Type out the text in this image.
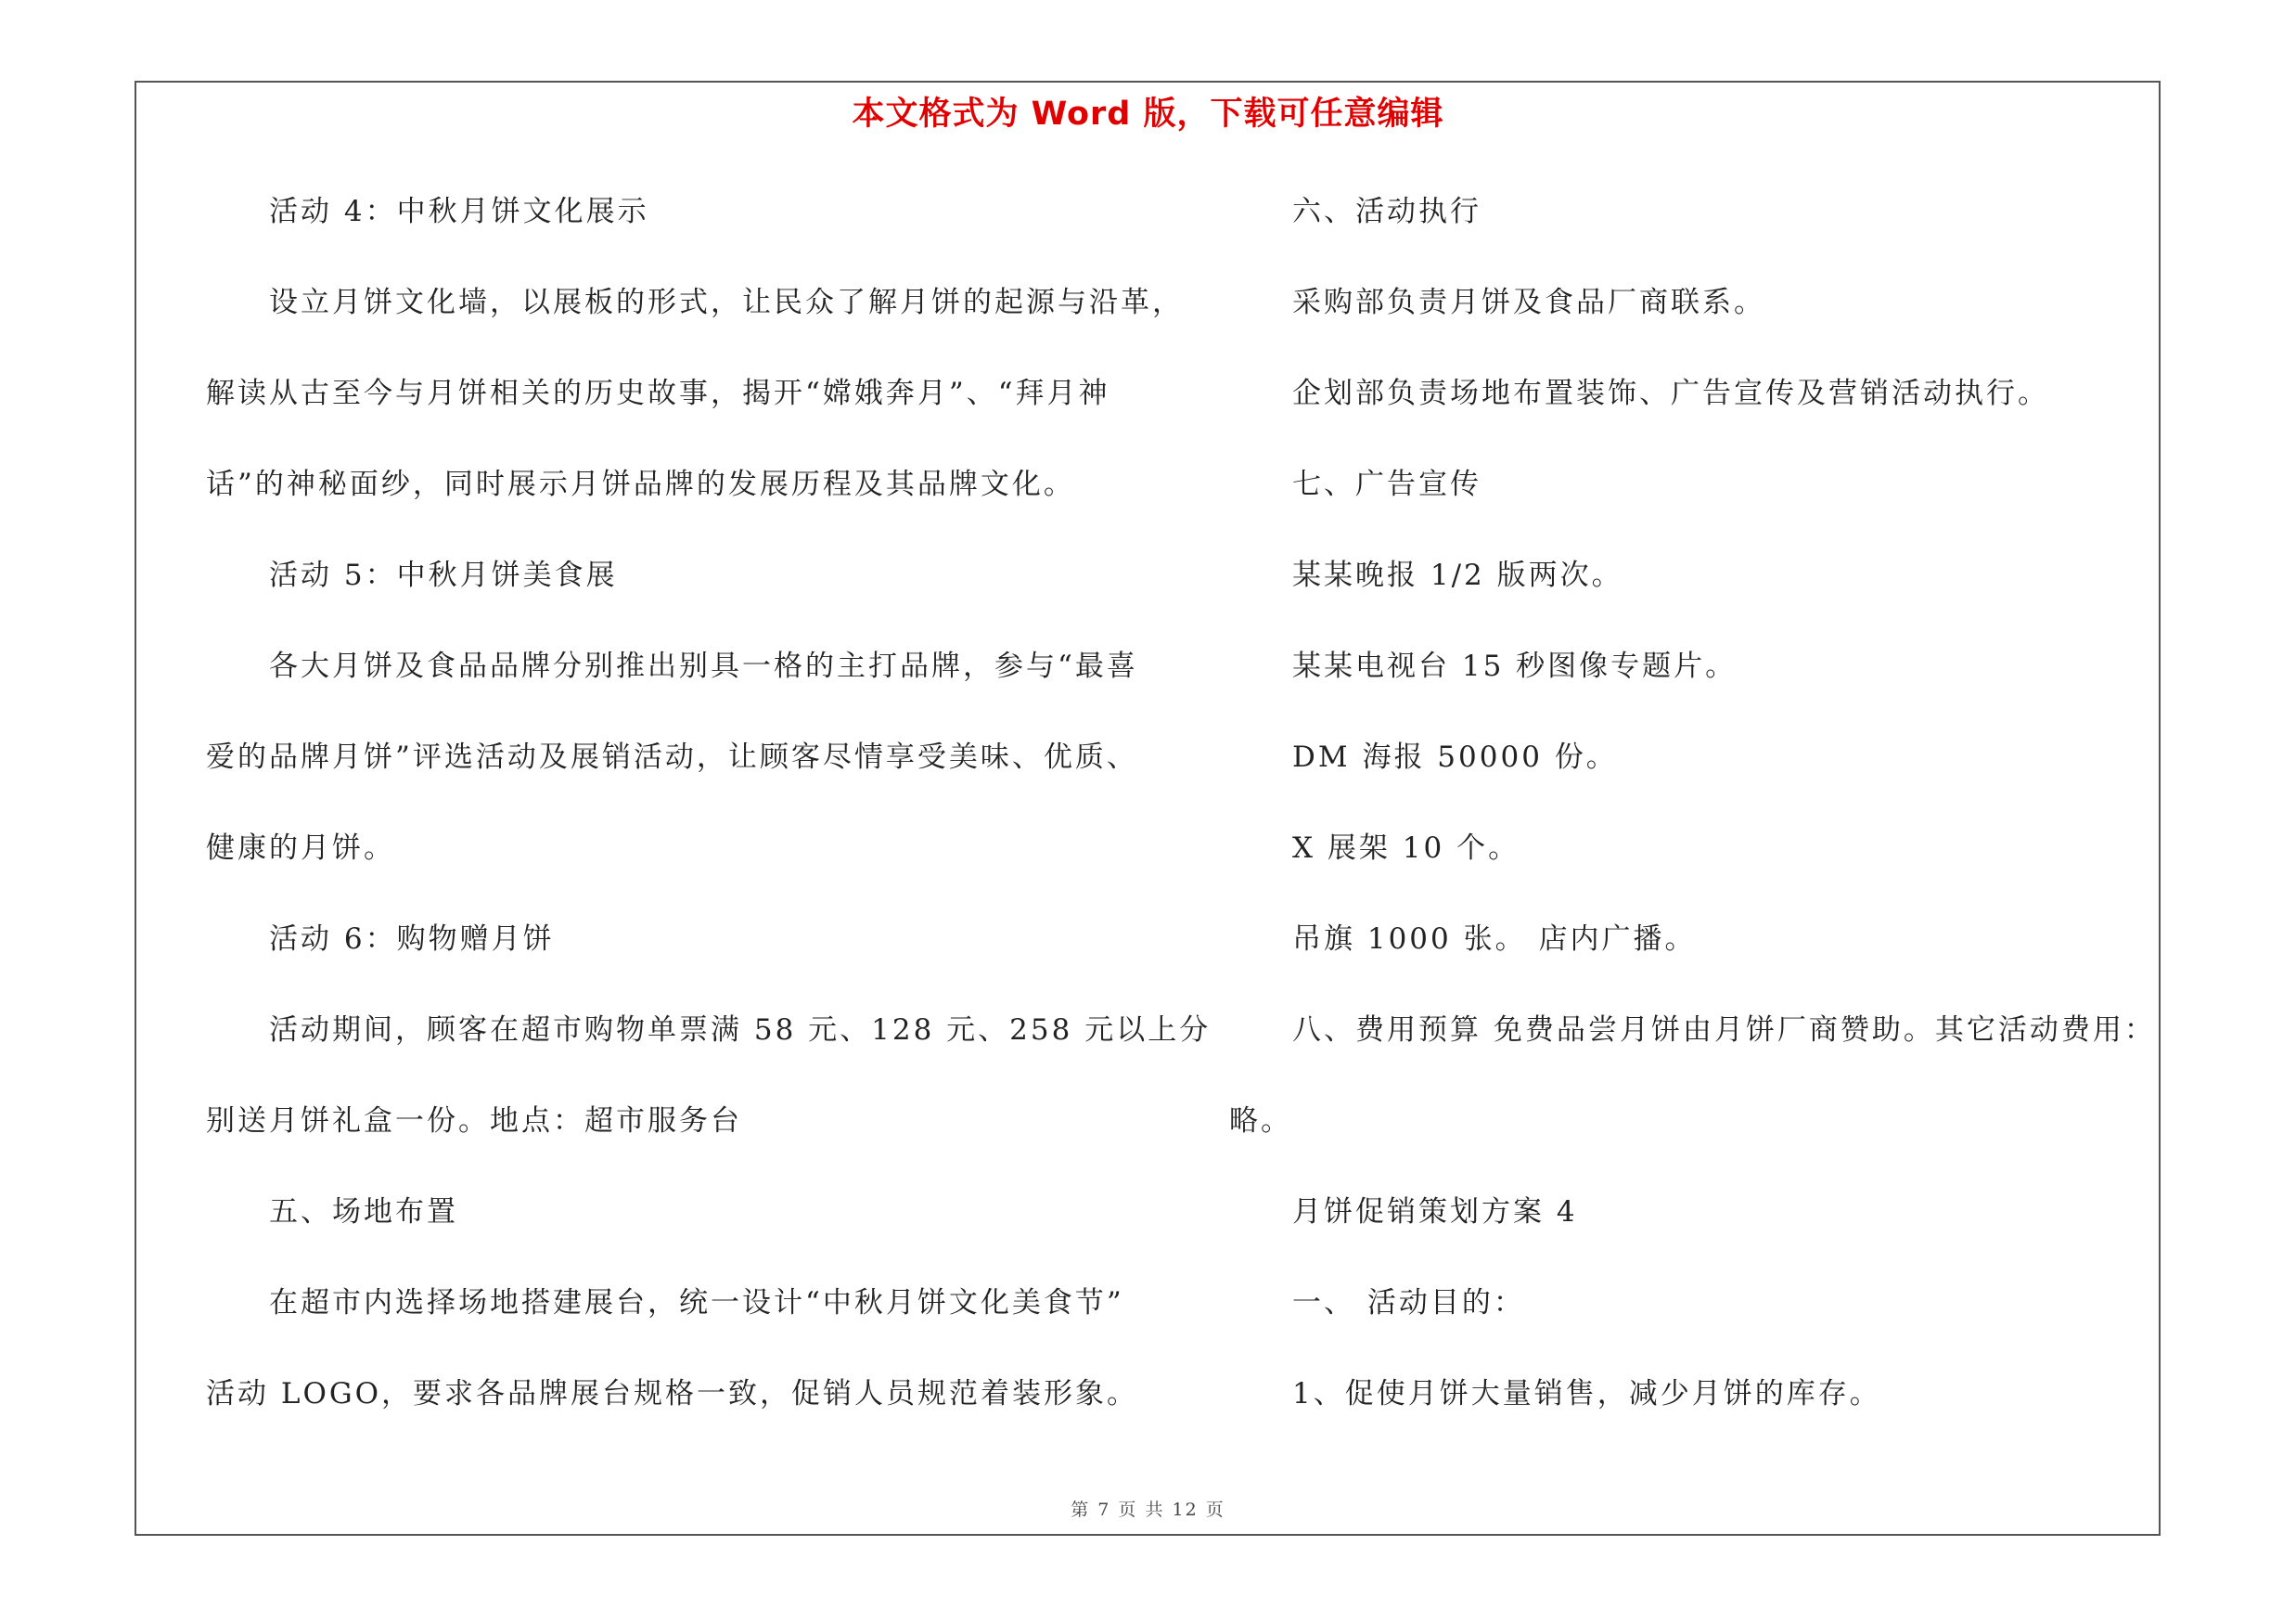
本文格式为 Word 版，下载可任意编辑
活动 4：中秋月饼文化展示
设立月饼文化墙，以展板的形式，让民众了解月饼的起源与沿革，
解读从古至今与月饼相关的历史故事，揭开“嫦娥奔月”、“拜月神
话”的神秘面纱，同时展示月饼品牌的发展历程及其品牌文化。
活动 5：中秋月饼美食展
各大月饼及食品品牌分别推出别具一格的主打品牌，参与“最喜
爱的品牌月饼”评选活动及展销活动，让顾客尽情享受美味、优质、
健康的月饼。
活动 6：购物赠月饼
活动期间，顾客在超市购物单票满 58 元、128 元、258 元以上分
别送月饼礼盒一份。地点：超市服务台
五、场地布置
在超市内选择场地搭建展台，统一设计“中秋月饼文化美食节”
活动 LOGO，要求各品牌展台规格一致，促销人员规范着装形象。
六、活动执行
采购部负责月饼及食品厂商联系。
企划部负责场地布置装饰、广告宣传及营销活动执行。
七、广告宣传
某某晚报 1/2 版两次。
某某电视台 15 秒图像专题片。
DM 海报 50000 份。
X 展架 10 个。
吊旗 1000 张。 店内广播。
八、费用预算 免费品尝月饼由月饼厂商赞助。其它活动费用：
略。
月饼促销策划方案 4
一、 活动目的：
1、促使月饼大量销售，减少月饼的库存。
第 7 页 共 12 页
